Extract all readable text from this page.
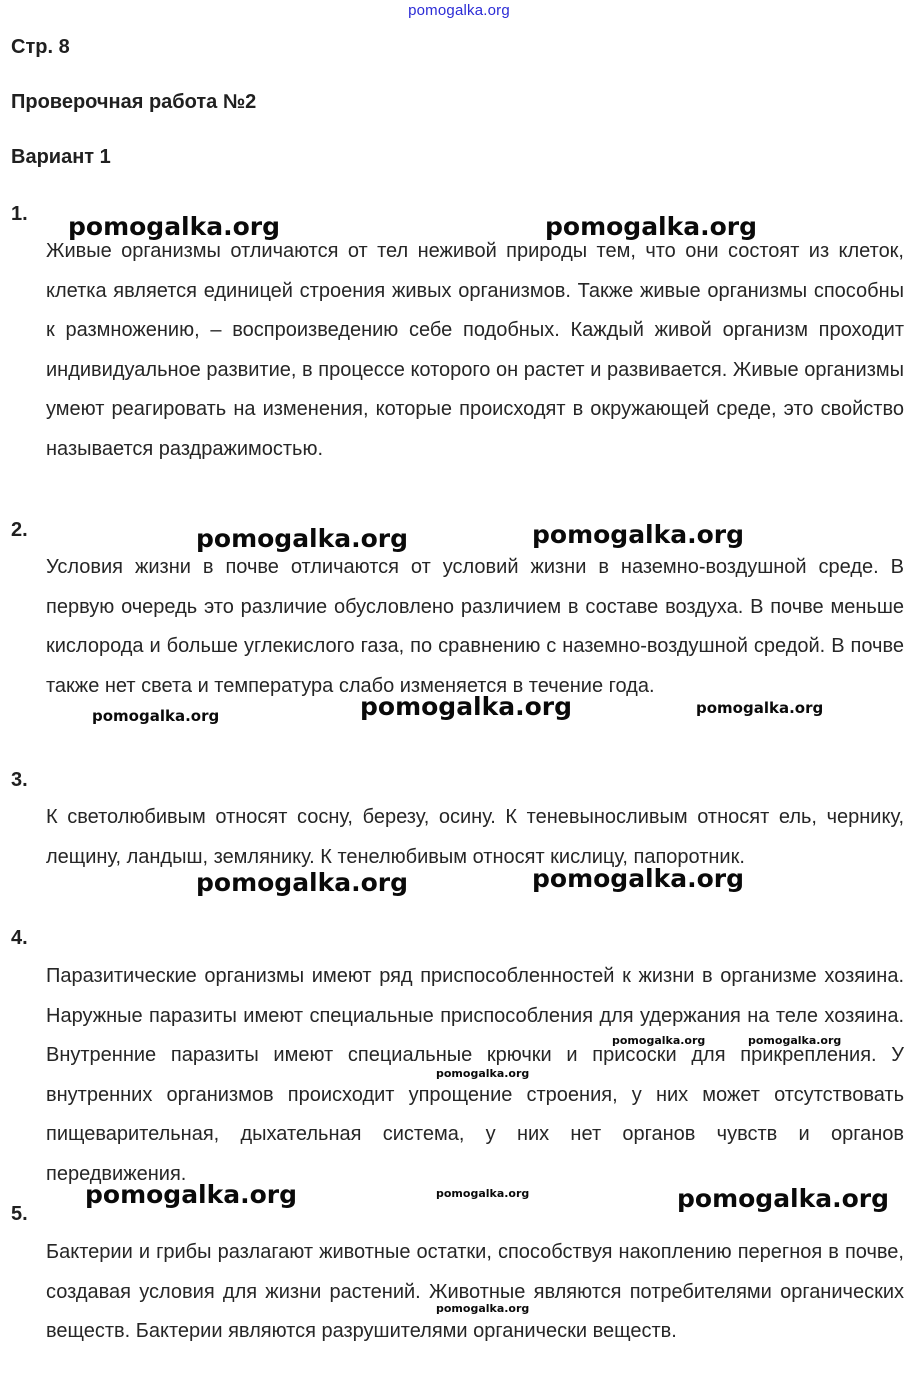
pomogalka.org
Стр. 8
Проверочная работа №2
Вариант 1
1.
Живые организмы отличаются от тел неживой природы тем, что они состоят из клеток, клетка является единицей строения живых организмов. Также живые организмы способны к размножению, – воспроизведению себе подобных. Каждый живой организм проходит индивидуальное развитие, в процессе которого он растет и развивается. Живые организмы умеют реагировать на изменения, которые происходят в окружающей среде, это свойство называется раздражимостью.
2.
Условия жизни в почве отличаются от условий жизни в наземно-воздушной среде. В первую очередь это различие обусловлено различием в составе воздуха. В почве меньше кислорода и больше углекислого газа, по сравнению с наземно-воздушной средой. В почве также нет света и температура слабо изменяется в течение года.
3.
К светолюбивым относят сосну, березу, осину. К теневыносливым относят ель, чернику, лещину, ландыш, землянику. К тенелюбивым относят кислицу, папоротник.
4.
Паразитические организмы имеют ряд приспособленностей к жизни в организме хозяина. Наружные паразиты имеют специальные приспособления для удержания на теле хозяина. Внутренние паразиты имеют специальные крючки и присоски для прикрепления. У внутренних организмов происходит упрощение строения, у них может отсутствовать пищеварительная, дыхательная система, у них нет органов чувств и органов передвижения.
5.
Бактерии и грибы разлагают животные остатки, способствуя накоплению перегноя в почве, создавая условия для жизни растений. Животные являются потребителями органических веществ. Бактерии являются разрушителями органически веществ.
pomogalka.org	pomogalka.org
pomogalka.org	pomogalka.org
pomogalka.org	pomogalka.org	pomogalka.org
pomogalka.org	pomogalka.org
pomogalka.org	pomogalka.org
pomogalka.org
pomogalka.org	pomogalka.org	pomogalka.org
pomogalka.org
